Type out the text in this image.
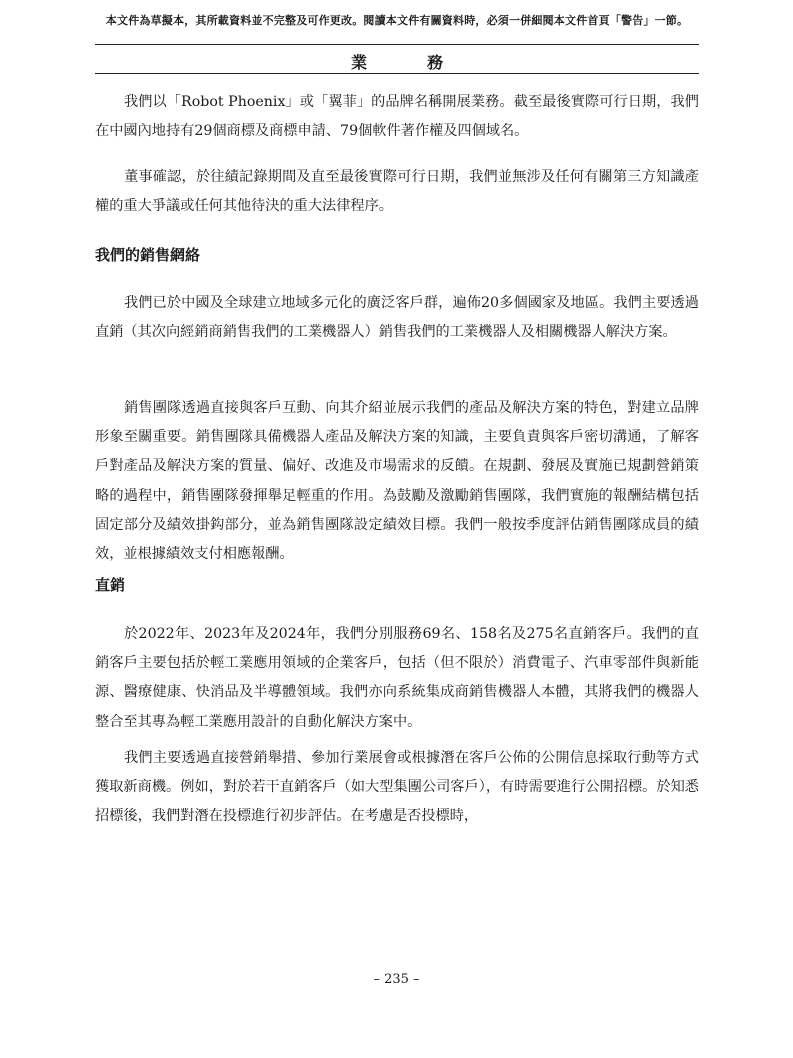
本文件為草擬本，其所載資料並不完整及可作更改。閱讀本文件有關資料時，必須一併細閱本文件首頁「警告」一節。
業　務

我們以「Robot Phoenix」或「翼菲」的品牌名稱開展業務。截至最後實際可行日期，我們在中國內地持有29個商標及商標申請、79個軟件著作權及四個域名。

董事確認，於往績記錄期間及直至最後實際可行日期，我們並無涉及任何有關第三方知識產權的重大爭議或任何其他待決的重大法律程序。

我們的銷售網絡

我們已於中國及全球建立地域多元化的廣泛客戶群，遍佈20多個國家及地區。我們主要透過直銷（其次向經銷商銷售我們的工業機器人）銷售我們的工業機器人及相關機器人解決方案。

銷售團隊透過直接與客戶互動、向其介紹並展示我們的產品及解決方案的特色，對建立品牌形象至關重要。銷售團隊具備機器人產品及解決方案的知識，主要負責與客戶密切溝通，了解客戶對產品及解決方案的質量、偏好、改進及市場需求的反饋。在規劃、發展及實施已規劃營銷策略的過程中，銷售團隊發揮舉足輕重的作用。為鼓勵及激勵銷售團隊，我們實施的報酬結構包括固定部分及績效掛鈎部分，並為銷售團隊設定績效目標。我們一般按季度評估銷售團隊成員的績效，並根據績效支付相應報酬。

直銷

於2022年、2023年及2024年，我們分別服務69名、158名及275名直銷客戶。我們的直銷客戶主要包括於輕工業應用領域的企業客戶，包括（但不限於）消費電子、汽車零部件與新能源、醫療健康、快消品及半導體領域。我們亦向系統集成商銷售機器人本體，其將我們的機器人整合至其專為輕工業應用設計的自動化解決方案中。

我們主要透過直接營銷舉措、參加行業展會或根據潛在客戶公佈的公開信息採取行動等方式獲取新商機。例如，對於若干直銷客戶（如大型集團公司客戶），有時需要進行公開招標。於知悉招標後，我們對潛在投標進行初步評估。在考慮是否投標時，

– 235 –
